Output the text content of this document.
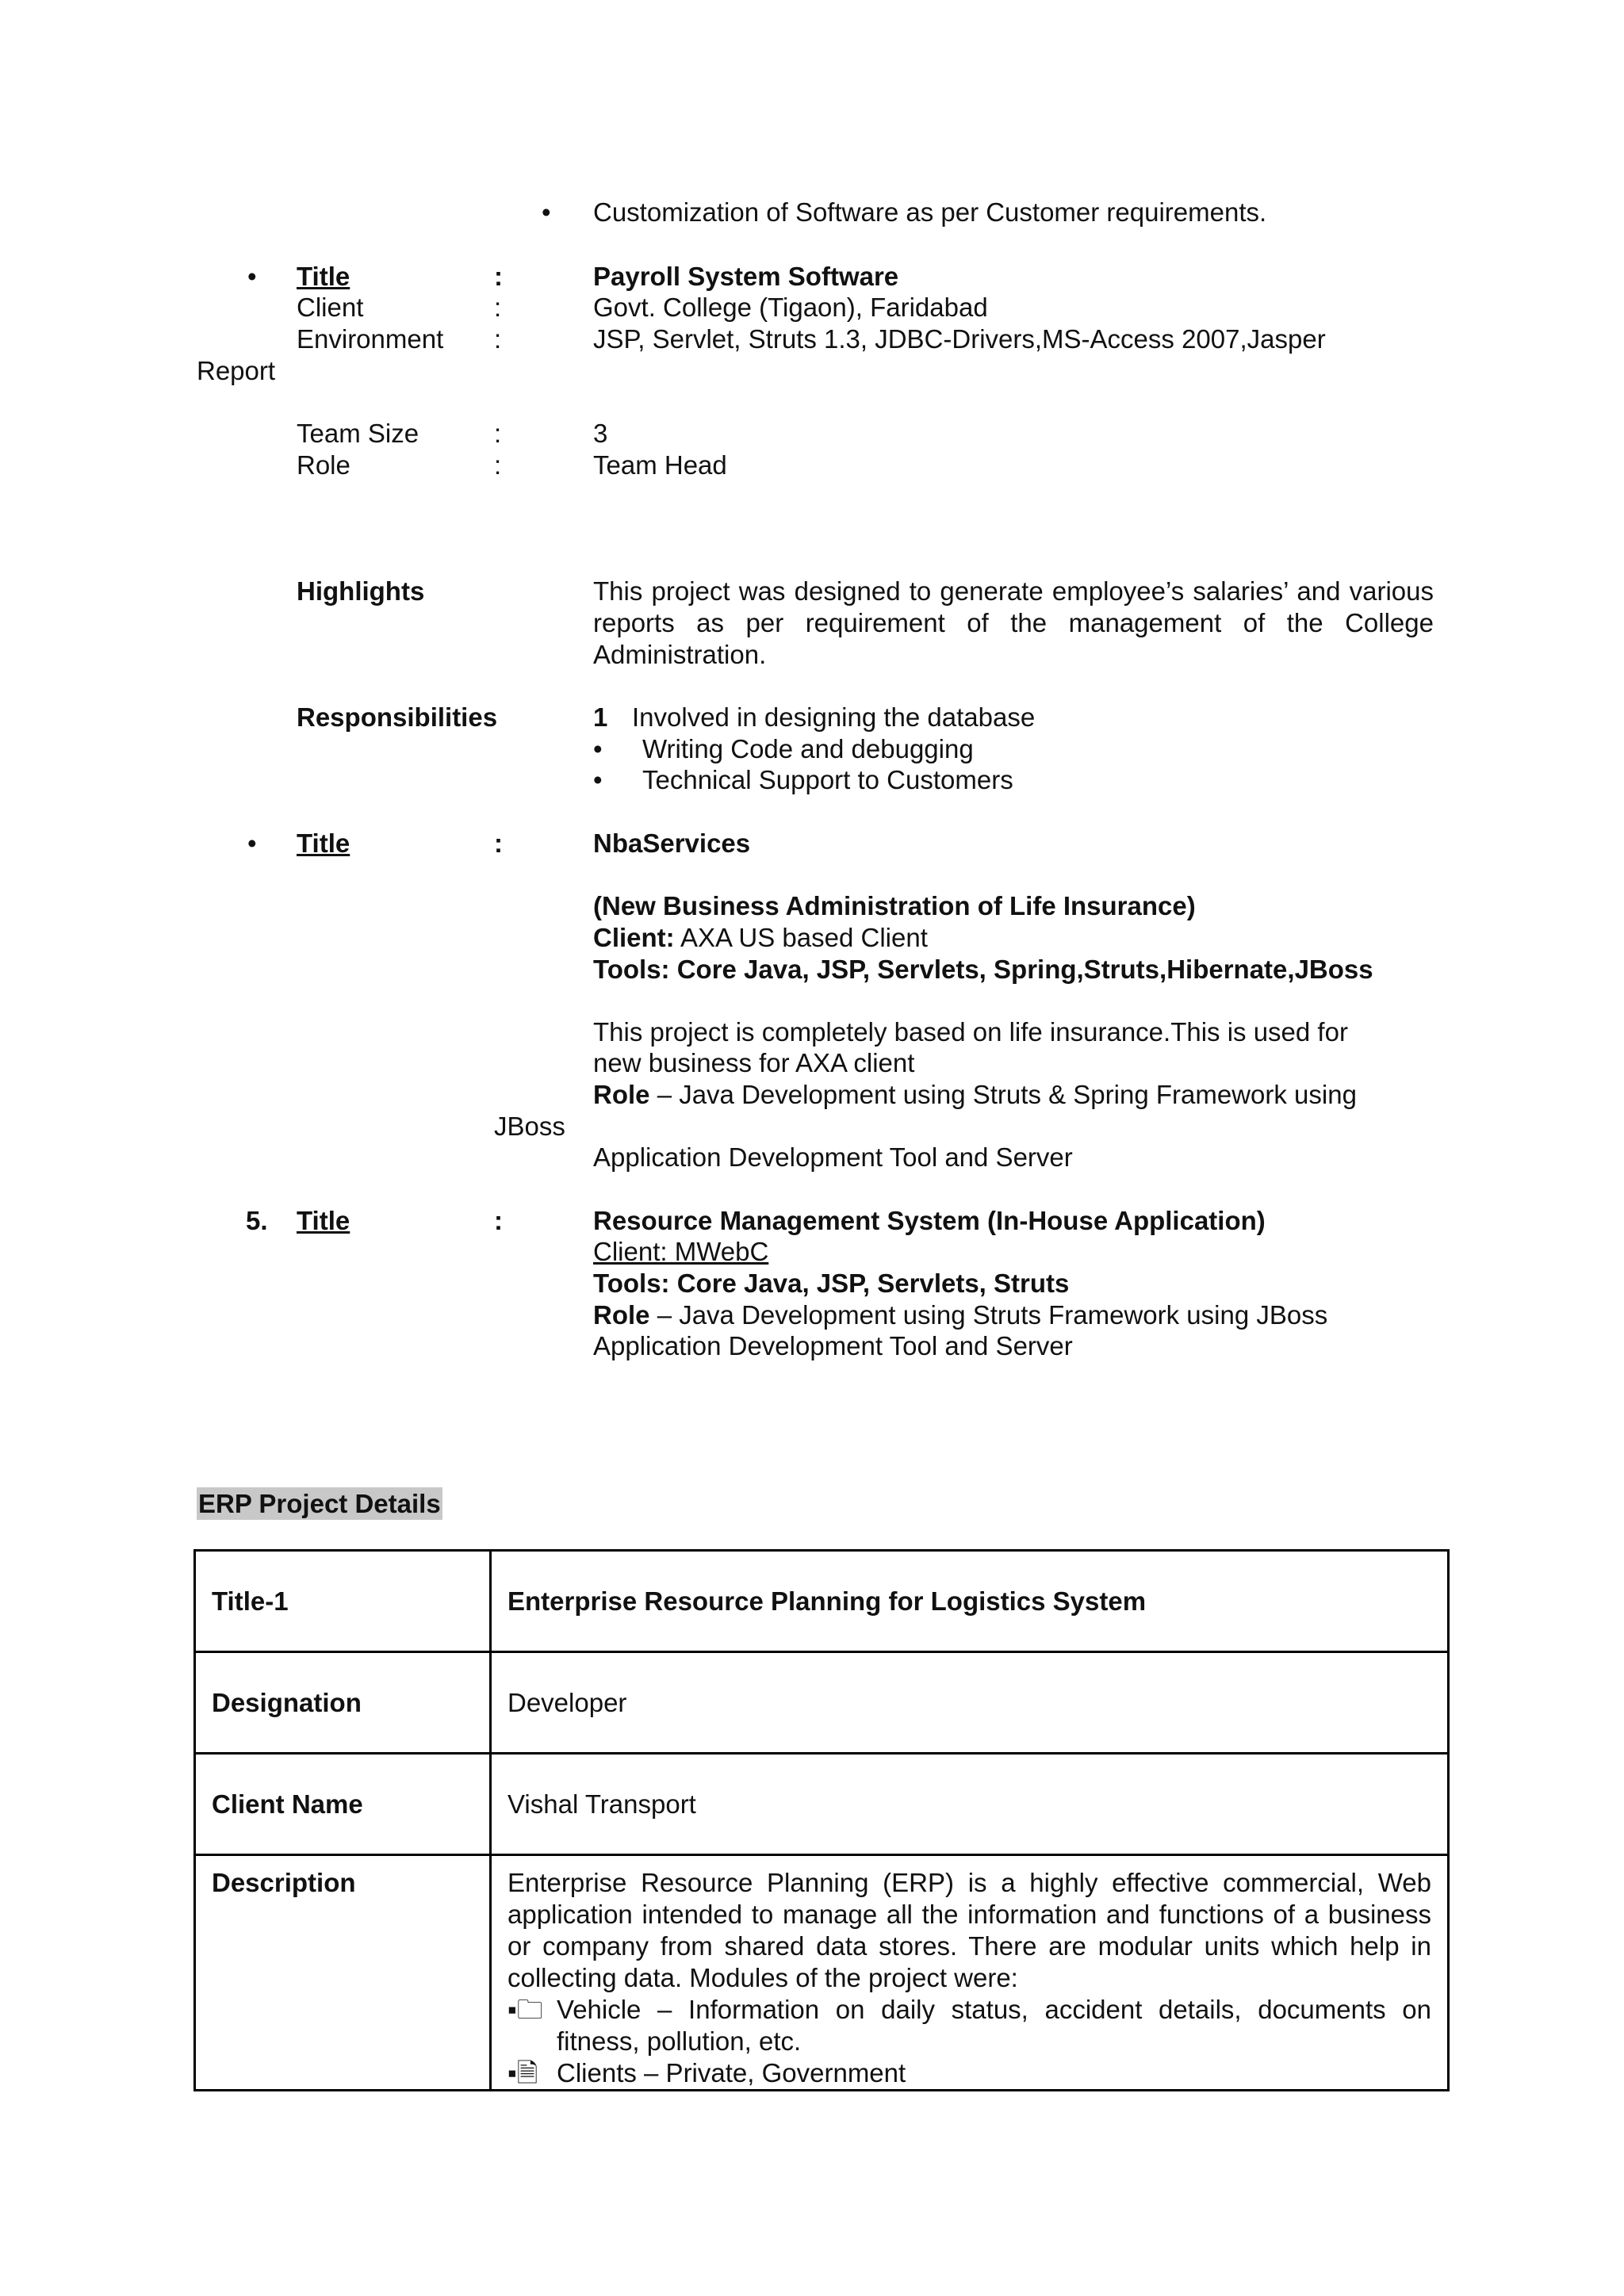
• Customization of Software as per Customer requirements.
• Title	:	Payroll System Software
Client	:	Govt. College (Tigaon), Faridabad
Environment :	JSP, Servlet, Struts 1.3, JDBC-Drivers,MS-Access 2007,Jasper
Report
Team Size	:	3
Role	:	Team Head
Highlights	This project was designed to generate employee’s salaries’ and various reports as per requirement of the management of the College Administration.
Responsibilities	1 Involved in designing the database
• Writing Code and debugging
• Technical Support to Customers
• Title	:	NbaServices
(New Business Administration of Life Insurance)
Client: AXA US based Client
Tools: Core Java, JSP, Servlets, Spring,Struts,Hibernate,JBoss
This project is completely based on life insurance.This is used for
new business for AXA client
Role – Java Development using Struts & Spring Framework using
JBoss
Application Development Tool and Server
5. Title	:	Resource Management System (In-House Application)
Client: MWebC
Tools: Core Java, JSP, Servlets, Struts
Role – Java Development using Struts Framework using JBoss
Application Development Tool and Server
ERP Project Details
Title-1	Enterprise Resource Planning for Logistics System
Designation	Developer
Client Name	Vishal Transport
Description	Enterprise Resource Planning (ERP) is a highly effective commercial, Web application intended to manage all the information and functions of a business or company from shared data stores. There are modular units which help in collecting data. Modules of the project were:
▪🗀 Vehicle – Information on daily status, accident details, documents on fitness, pollution, etc.
▪🗎 Clients – Private, Government
